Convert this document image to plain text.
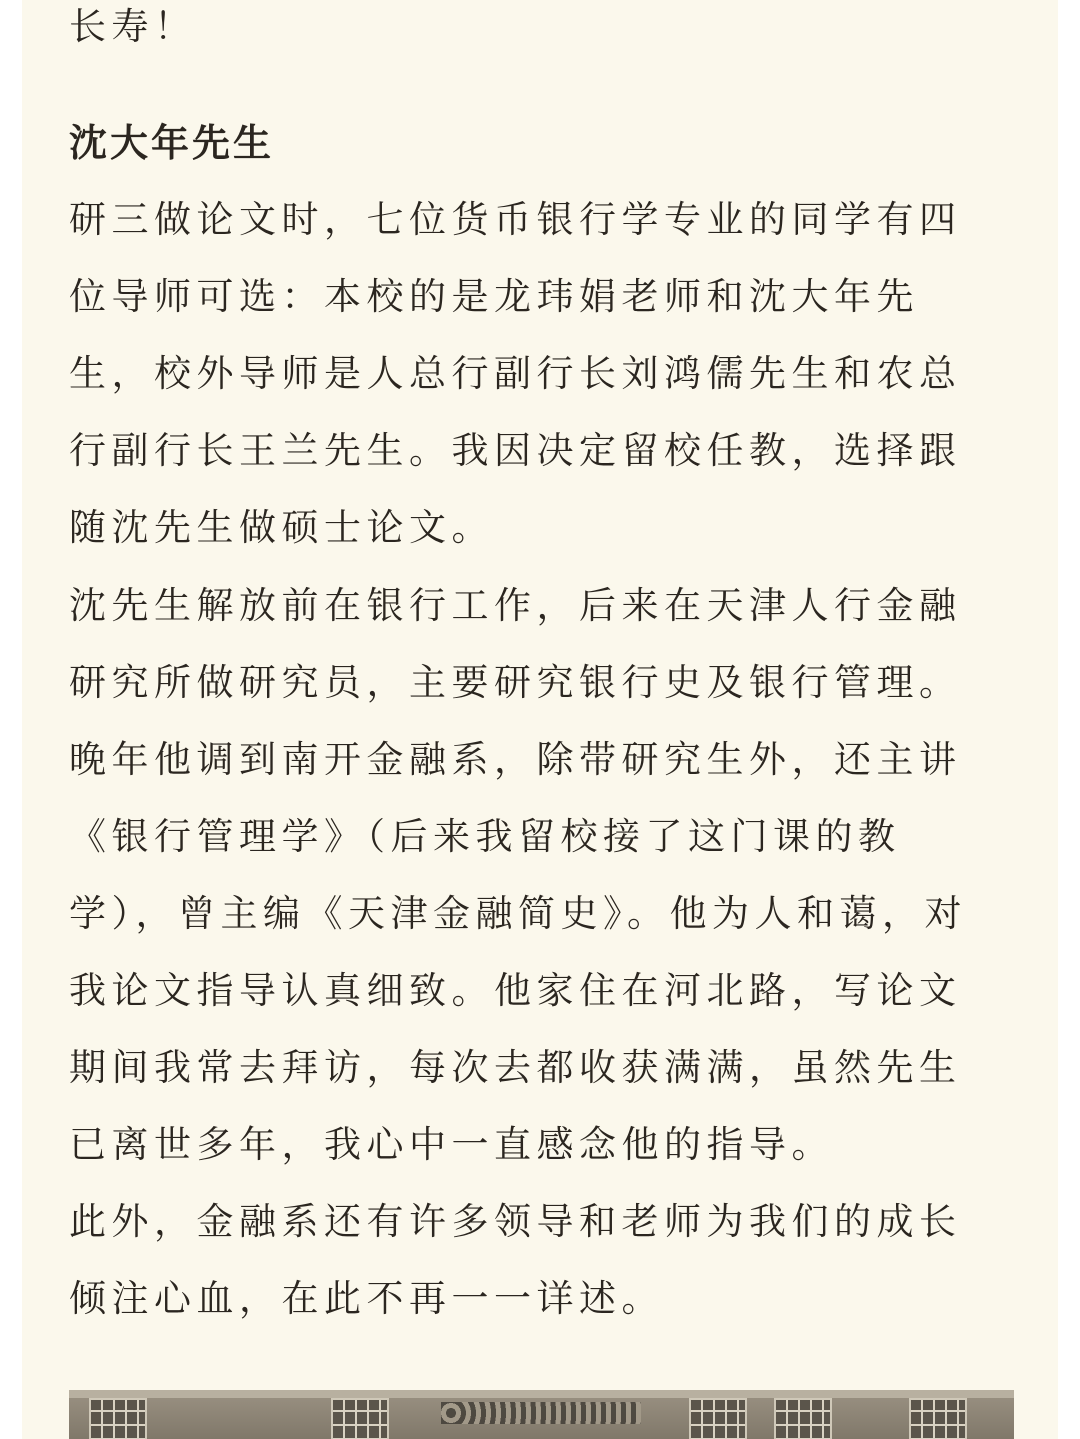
长寿！
沈大年先生
研三做论文时，七位货币银行学专业的同学有四
位导师可选：本校的是龙玮娟老师和沈大年先
生，校外导师是人总行副行长刘鸿儒先生和农总
行副行长王兰先生。我因决定留校任教，选择跟
随沈先生做硕士论文。
沈先生解放前在银行工作，后来在天津人行金融
研究所做研究员，主要研究银行史及银行管理。
晚年他调到南开金融系，除带研究生外，还主讲
《银行管理学》（后来我留校接了这门课的教
学），曾主编《天津金融简史》。他为人和蔼，对
我论文指导认真细致。他家住在河北路，写论文
期间我常去拜访，每次去都收获满满，虽然先生
已离世多年，我心中一直感念他的指导。
此外，金融系还有许多领导和老师为我们的成长
倾注心血，在此不再一一详述。
